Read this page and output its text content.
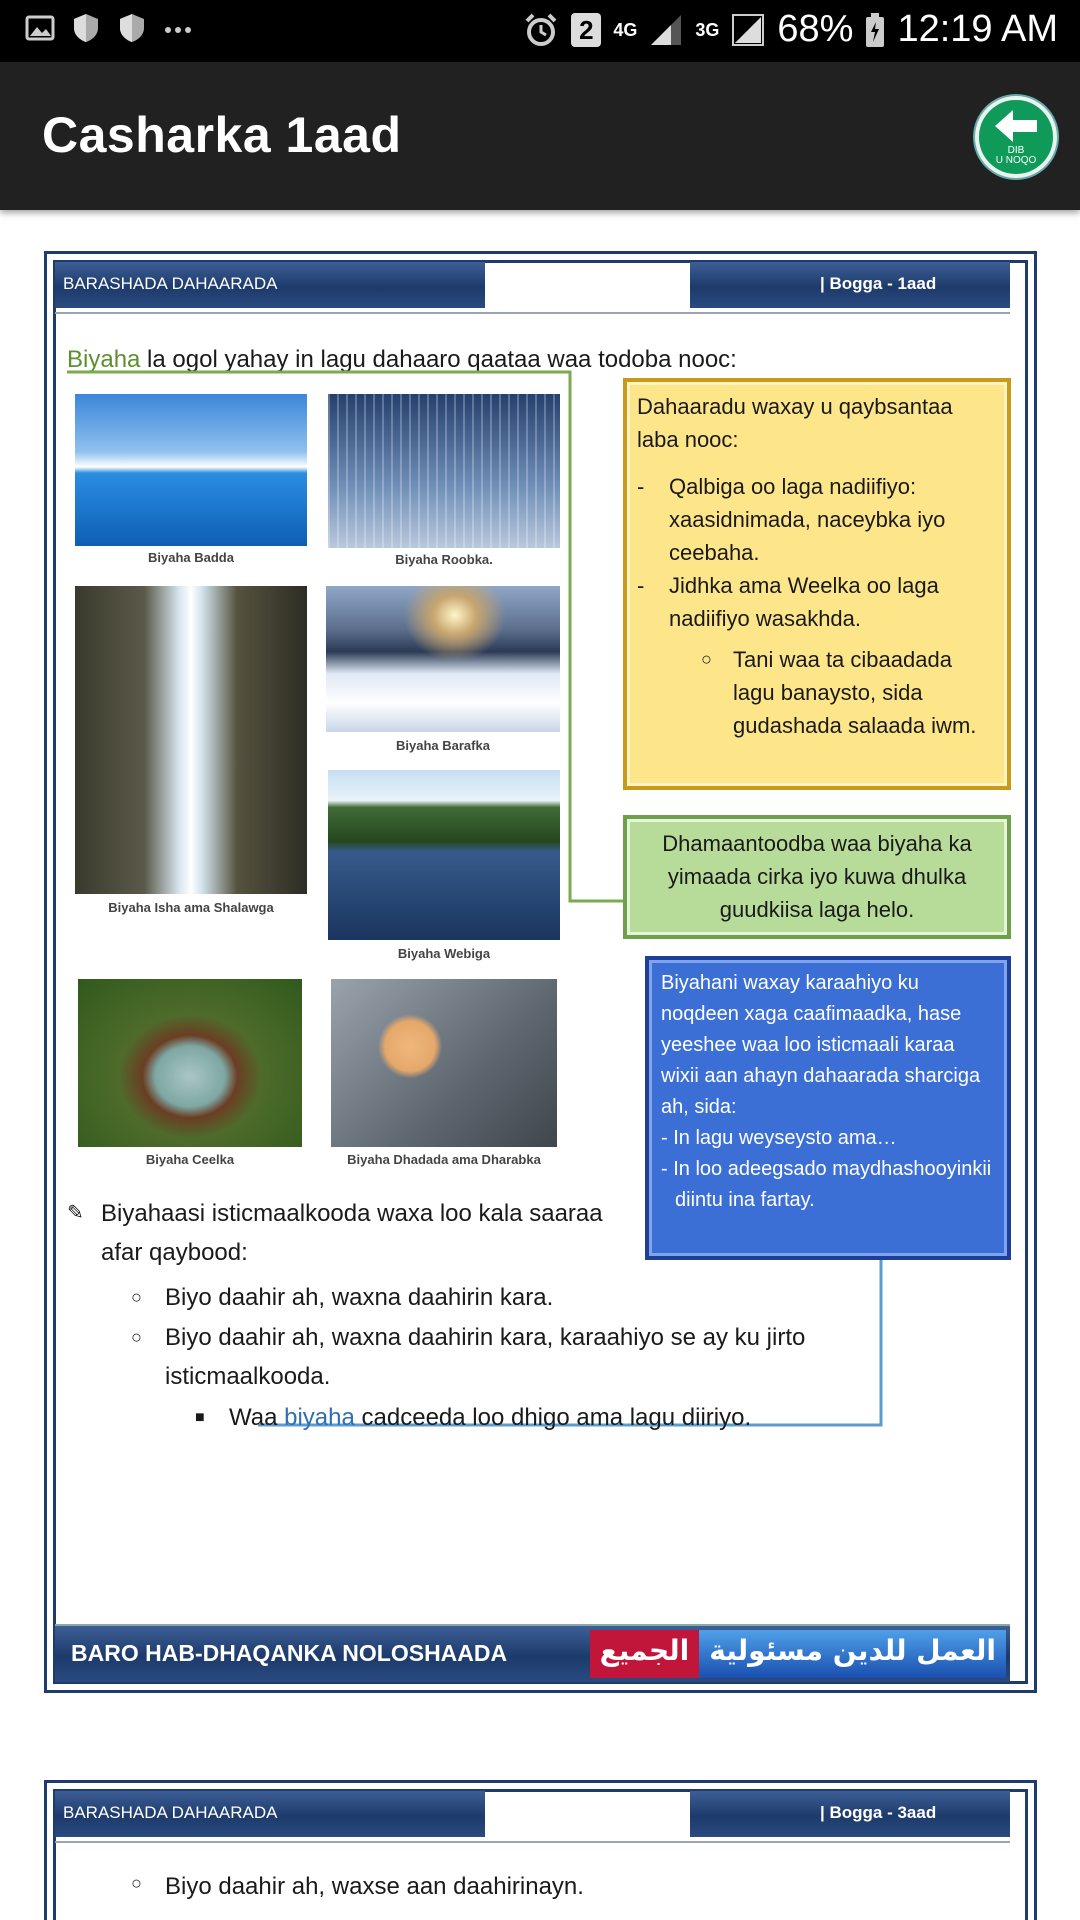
2	4G	3G 68% 12:19 AM
Casharka 1aad	DIB
U NOQO
BARASHADA DAHAARADA	| Bogga - 1aad
Biyaha la ogol yahay in lagu dahaaro qaataa waa todoba nooc:
Biyaha Badda	Biyaha Roobka.
Biyaha Isha ama Shalawga
Biyaha Barafka
Biyaha Webiga
Biyaha Ceelka	Biyaha Dhadada ama Dharabka
Dahaaradu waxay u qaybsantaa laba nooc:
-	Qalbiga oo laga nadiifiyo: xaasidnimada, naceybka iyo ceebaha.
-	Jidhka ama Weelka oo laga nadiifiyo wasakhda.
○ Tani waa ta cibaadada lagu banaysto, sida gudashada salaada iwm.
Dhamaantoodba waa biyaha ka yimaada cirka iyo kuwa dhulka guudkiisa laga helo.
Biyahani waxay karaahiyo ku noqdeen xaga caafimaadka, hase yeeshee waa loo isticmaali karaa wixii aan ahayn dahaarada sharciga ah, sida:
- In lagu weyseysto ama…
- In loo adeegsado maydhashooyinkii diintu ina fartay.
✎ Biyahaasi isticmaalkooda waxa loo kala saaraa afar qaybood:
○ Biyo daahir ah, waxna daahirin kara.
○ Biyo daahir ah, waxna daahirin kara, karaahiyo se ay ku jirto isticmaalkooda.
■	Waa biyaha cadceeda loo dhigo ama lagu diiriyo.
BARO HAB-DHAQANKA NOLOSHAADA	الجميع العمل للدين مسئولية
BARASHADA DAHAARADA	| Bogga - 3aad
○ Biyo daahir ah, waxse aan daahirinayn.
